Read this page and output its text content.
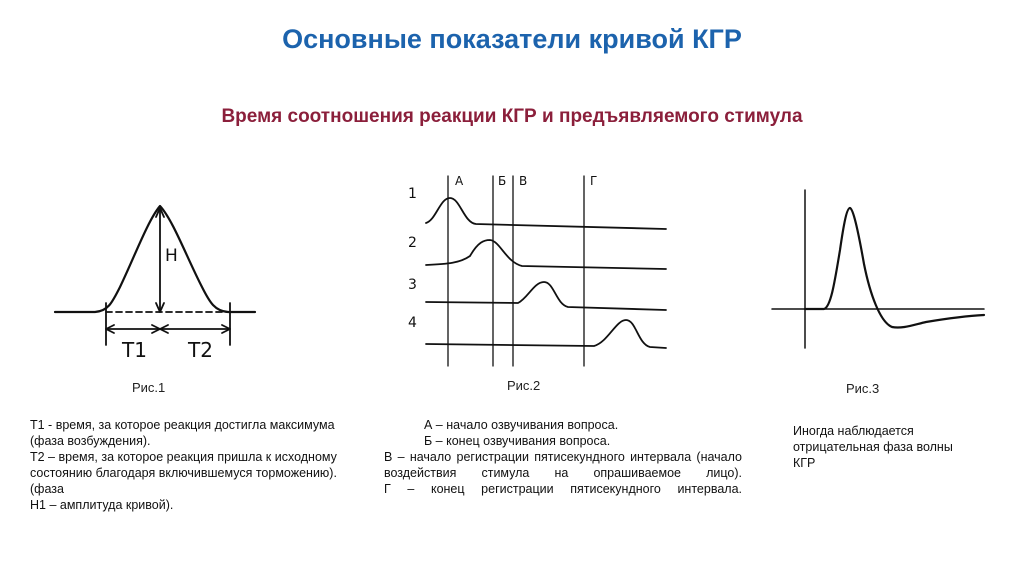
Основные показатели кривой КГР
Время соотношения реакции КГР и предъявляемого стимула
Н
T1 T2
А	Б В	Г
1
2
3
4
Рис.1	Рис.2	Рис.3

Т1 - время, за которое реакция достигла максимума (фаза возбуждения).

Т2 – время, за которое реакция пришла к исходному состоянию благодаря включившемуся торможению). (фаза

Н1 – амплитуда кривой).

А – начало озвучивания вопроса.

Б – конец озвучивания вопроса.

В – начало регистрации пятисекундного интервала (начало воздействия стимула на опрашиваемое лицо).

Г – конец регистрации пятисекундного интервала.

Иногда наблюдается отрицательная фаза волны КГР
